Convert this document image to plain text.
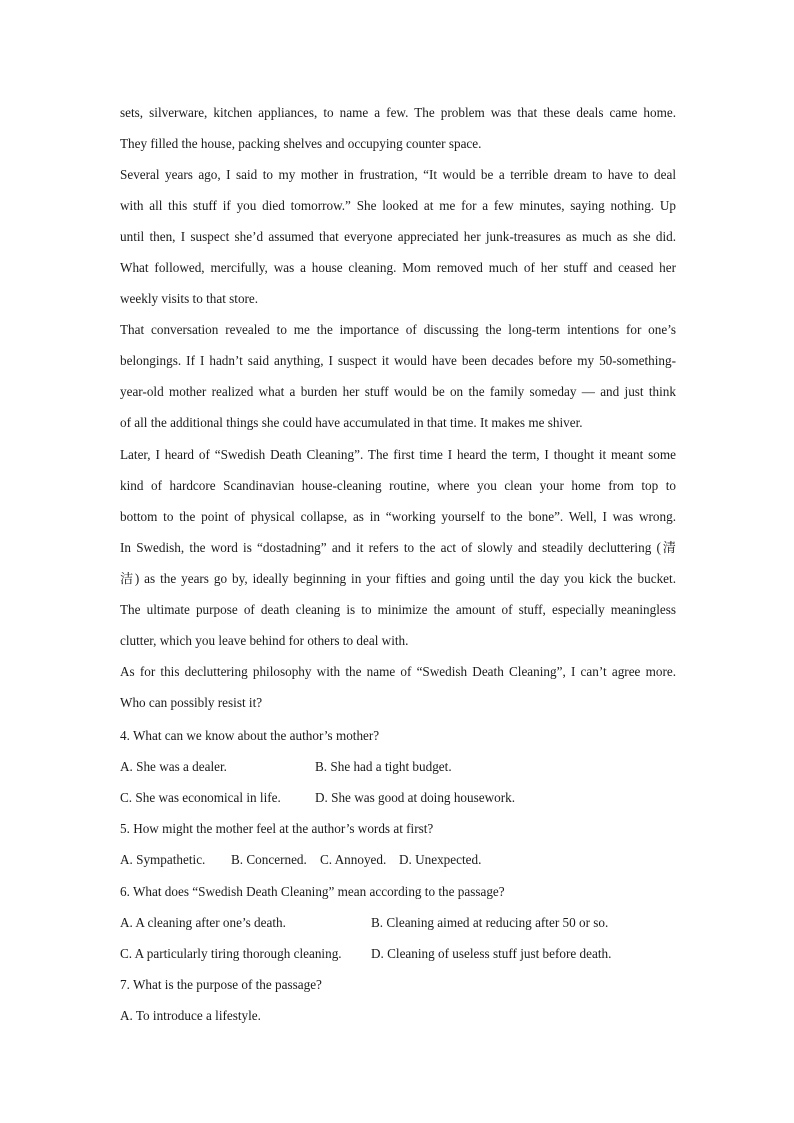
sets, silverware, kitchen appliances, to name a few. The problem was that these deals came home.
They filled the house, packing shelves and occupying counter space.
Several years ago, I said to my mother in frustration, “It would be a terrible dream to have to deal
with all this stuff if you died tomorrow.” She looked at me for a few minutes, saying nothing. Up
until then, I suspect she’d assumed that everyone appreciated her junk-treasures as much as she did.
What followed, mercifully, was a house cleaning. Mom removed much of her stuff and ceased her
weekly visits to that store.
That conversation revealed to me the importance of discussing the long-term intentions for one’s
belongings. If I hadn’t said anything, I suspect it would have been decades before my 50-something-
year-old mother realized what a burden her stuff would be on the family someday — and just think
of all the additional things she could have accumulated in that time. It makes me shiver.
Later, I heard of “Swedish Death Cleaning”. The first time I heard the term, I thought it meant some
kind of hardcore Scandinavian house-cleaning routine, where you clean your home from top to
bottom to the point of physical collapse, as in “working yourself to the bone”. Well, I was wrong.
In Swedish, the word is “dostadning” and it refers to the act of slowly and steadily decluttering (清
洁) as the years go by, ideally beginning in your fifties and going until the day you kick the bucket.
The ultimate purpose of death cleaning is to minimize the amount of stuff, especially meaningless
clutter, which you leave behind for others to deal with.
As for this decluttering philosophy with the name of “Swedish Death Cleaning”, I can’t agree more.
Who can possibly resist it?
4. What can we know about the author’s mother?
A. She was a dealer.	B. She had a tight budget.
C. She was economical in life.	D. She was good at doing housework.
5. How might the mother feel at the author’s words at first?
A. Sympathetic. B. Concerned. C. Annoyed. D. Unexpected.
6. What does “Swedish Death Cleaning” mean according to the passage?
A. A cleaning after one’s death.	B. Cleaning aimed at reducing after 50 or so.
C. A particularly tiring thorough cleaning. D. Cleaning of useless stuff just before death.
7. What is the purpose of the passage?
A. To introduce a lifestyle.
